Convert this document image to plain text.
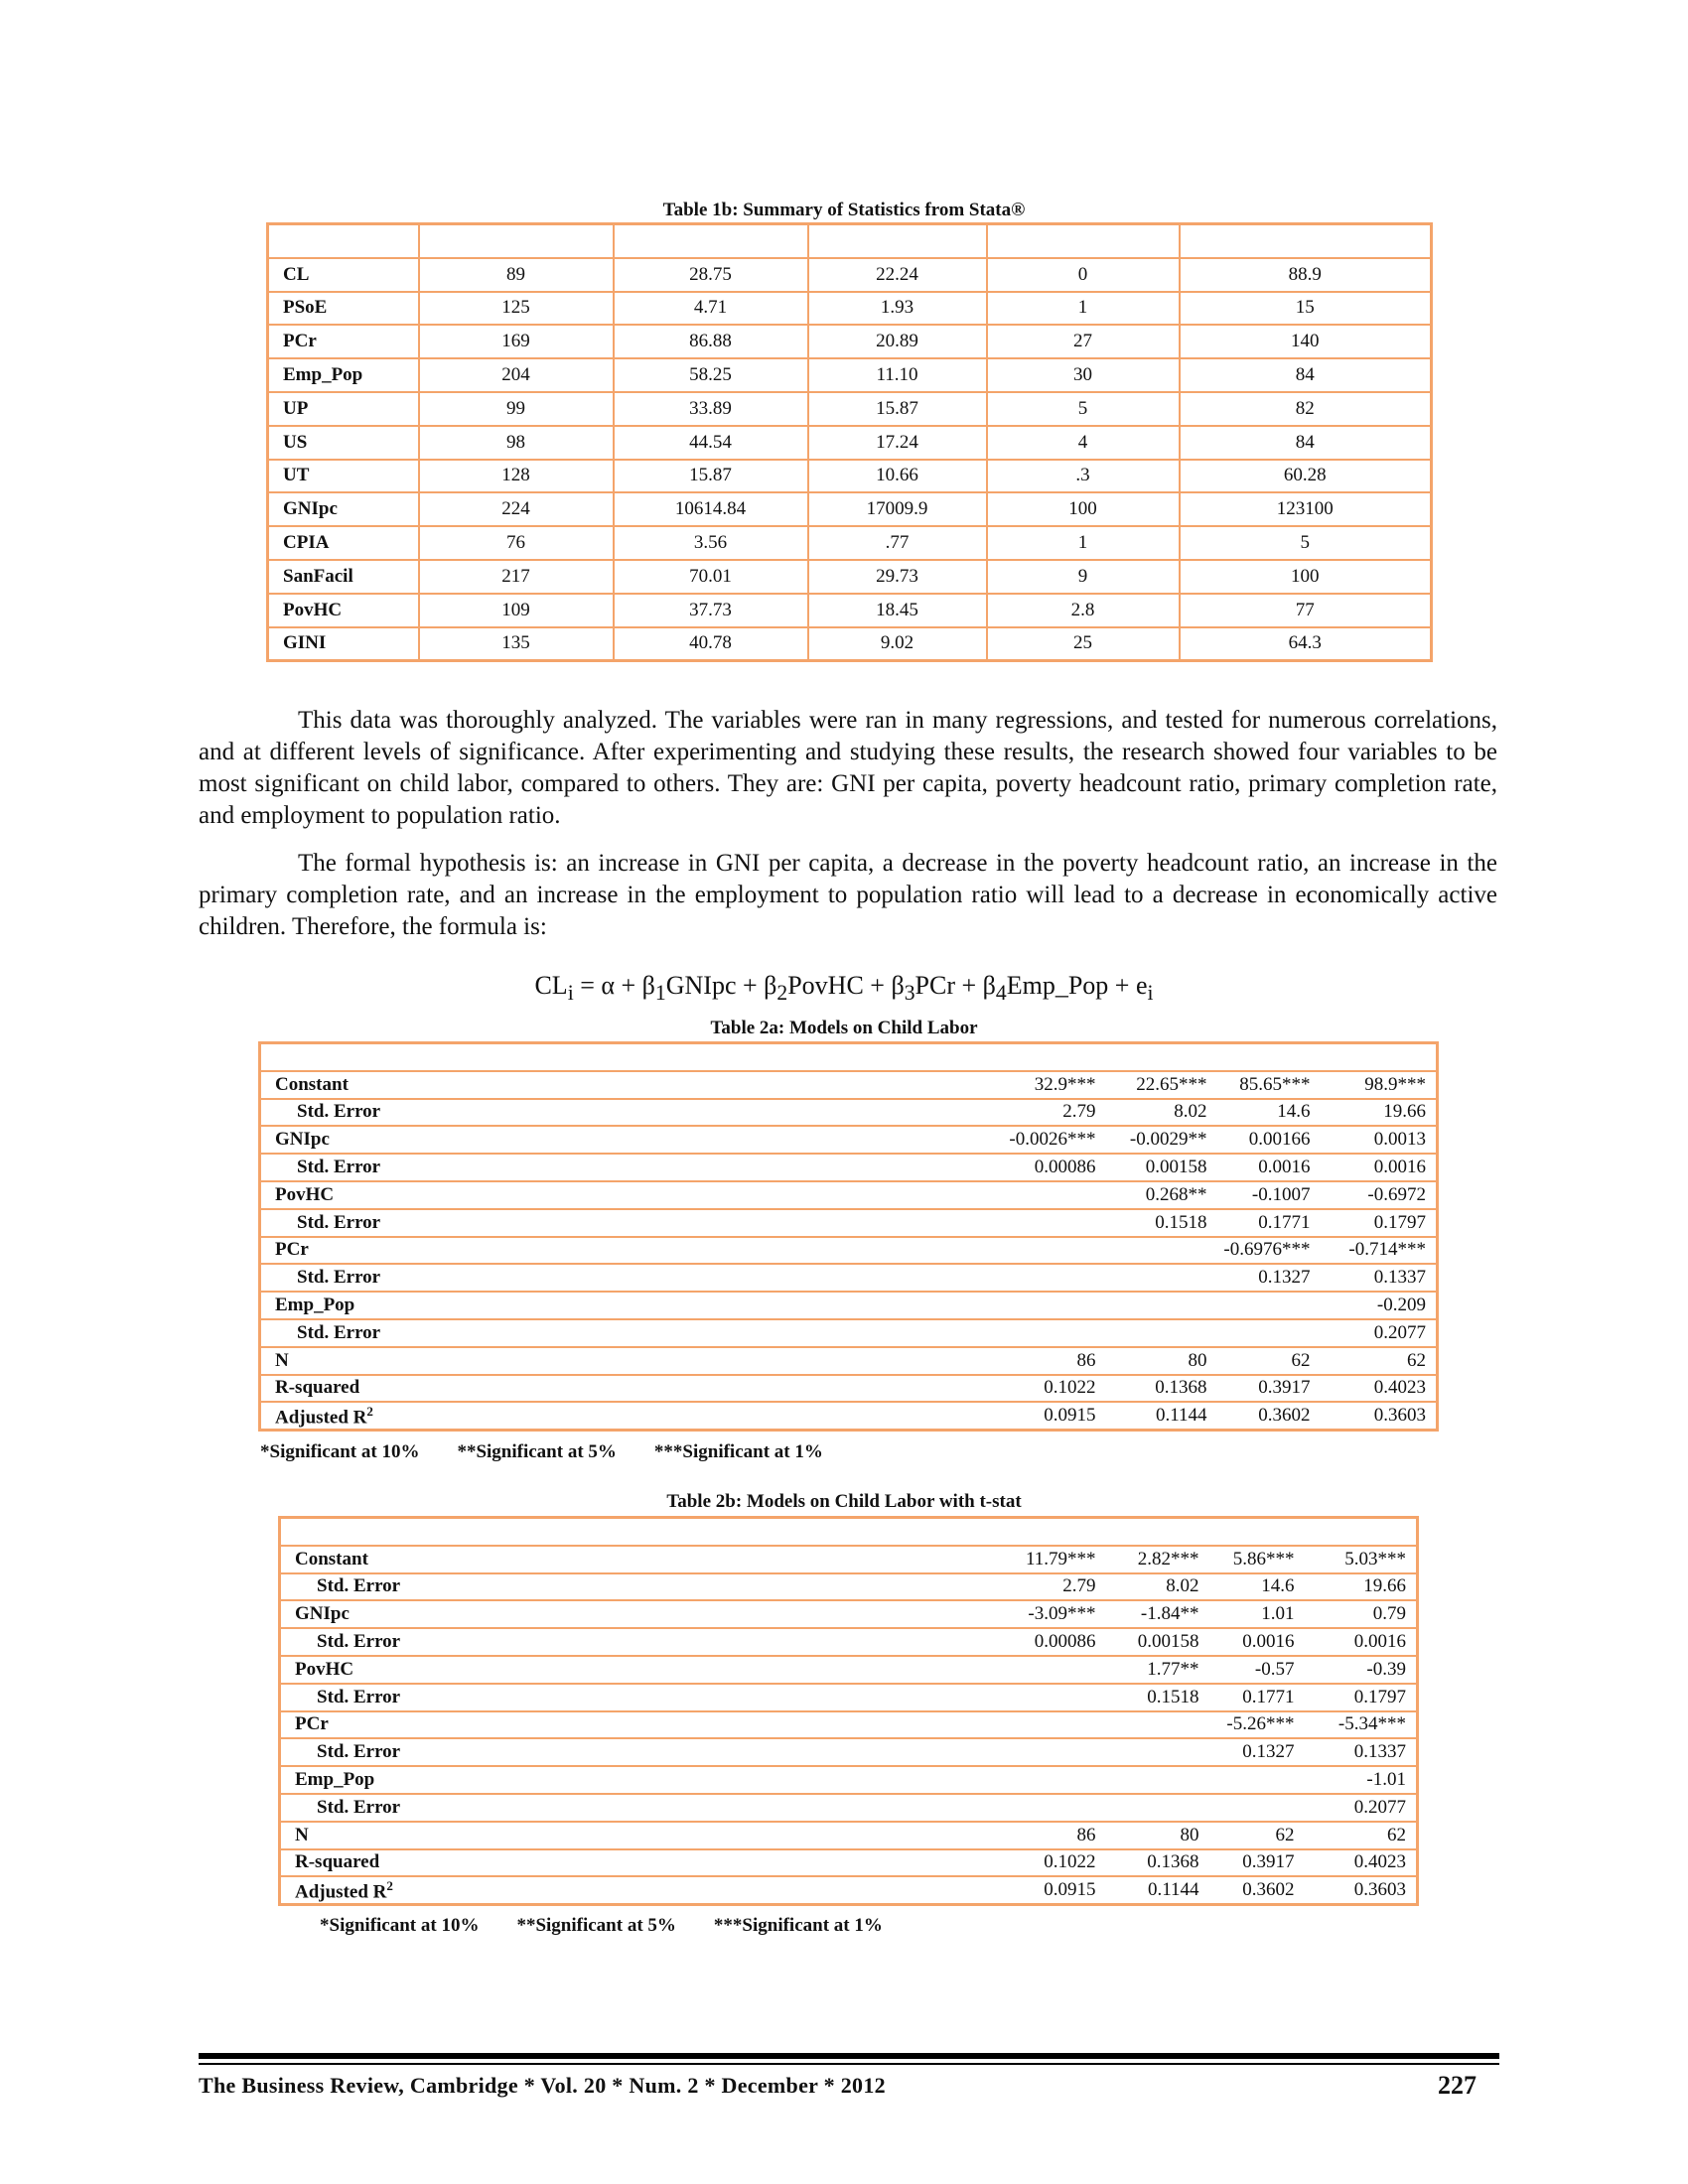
Table 1b: Summary of Statistics from Stata®

CL	89	28.75	22.24	0	88.9
PSoE	125	4.71	1.93	1	15
PCr	169	86.88	20.89	27	140
Emp_Pop	204	58.25	11.10	30	84
UP	99	33.89	15.87	5	82
US	98	44.54	17.24	4	84
UT	128	15.87	10.66	.3	60.28
GNIpc	224	10614.84	17009.9	100	123100
CPIA	76	3.56	.77	1	5
SanFacil	217	70.01	29.73	9	100
PovHC	109	37.73	18.45	2.8	77
GINI	135	40.78	9.02	25	64.3

This data was thoroughly analyzed. The variables were ran in many regressions, and tested for numerous correlations, and at different levels of significance. After experimenting and studying these results, the research showed four variables to be most significant on child labor, compared to others. They are: GNI per capita, poverty headcount ratio, primary completion rate, and employment to population ratio.

The formal hypothesis is: an increase in GNI per capita, a decrease in the poverty headcount ratio, an increase in the primary completion rate, and an increase in the employment to population ratio will lead to a decrease in economically active children. Therefore, the formula is:

$CL_i = \alpha$ + $\beta_1GNIpc$ + $\beta_2PovHC + \beta_3PCr$ + $\beta_4Emp\_Pop + e_i$
Table 2a: Models on Child Labor

Constant	32.9***	22.65***	85.65***	98.9***
Std. Error	2.79	8.02	14.6	19.66
GNIpc	-0.0026***	-0.0029**	0.00166	0.0013
Std. Error	0.00086	0.00158	0.0016	0.0016
PovHC		0.268**	-0.1007	-0.6972
Std. Error		0.1518	0.1771	0.1797
PCr			-0.6976***	-0.714***
Std. Error			0.1327	0.1337
Emp_Pop				-0.209
Std. Error				0.2077
N	86	80	62	62
R-squared	0.1022	0.1368	0.3917	0.4023
Adjusted $R^2$	0.0915	0.1144	0.3602	0.3603
*Significant at 10% **Significant at 5% ***Significant at 1%
Table 2b: Models on Child Labor with t-stat

Constant	11.79***	2.82***	5.86***	5.03***
Std. Error	2.79	8.02	14.6	19.66
GNIpc	-3.09***	-1.84**	1.01	0.79
Std. Error	0.00086	0.00158	0.0016	0.0016
PovHC		1.77**	-0.57	-0.39
Std. Error		0.1518	0.1771	0.1797
PCr			-5.26***	-5.34***
Std. Error			0.1327	0.1337
Emp_Pop				-1.01
Std. Error				0.2077
N	86	80	62	62
R-squared	0.1022	0.1368	0.3917	0.4023
Adjusted $R^2$	0.0915	0.1144	0.3602	0.3603
*Significant at 10% **Significant at 5% ***Significant at 1%
The Business Review, Cambridge * Vol. 20 * Num. 2 * December * 2012	227
